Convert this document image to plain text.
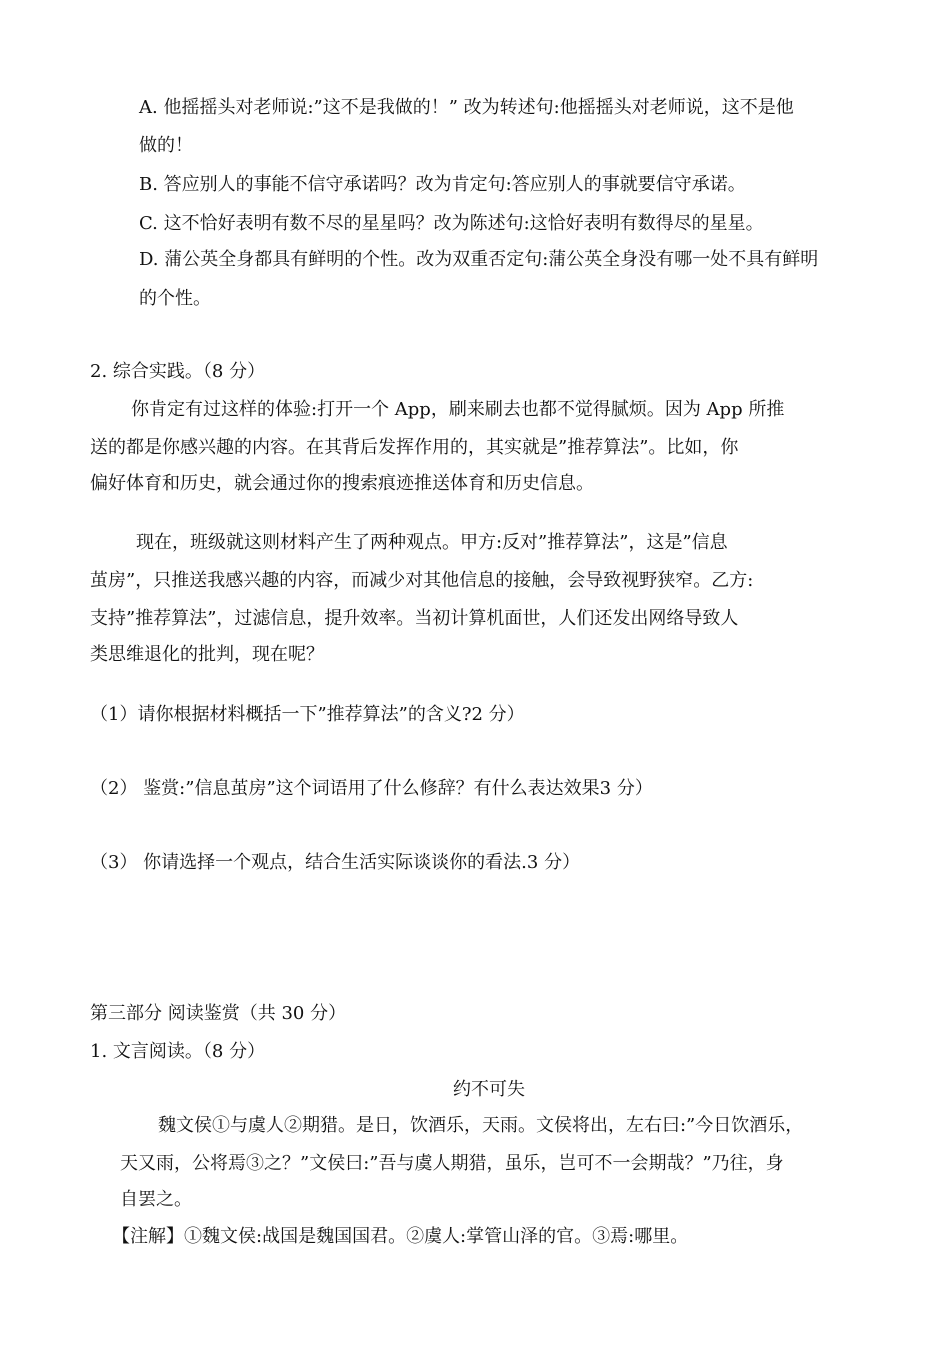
A. 他摇摇头对老师说:”这不是我做的！” 改为转述句:他摇摇头对老师说，这不是他
做的！
B. 答应别人的事能不信守承诺吗？改为肯定句:答应别人的事就要信守承诺。
C. 这不恰好表明有数不尽的星星吗？改为陈述句:这恰好表明有数得尽的星星。
D. 蒲公英全身都具有鲜明的个性。改为双重否定句:蒲公英全身没有哪一处不具有鲜明
的个性。
2. 综合实践。（8 分）
你肯定有过这样的体验:打开一个 App，刷来刷去也都不觉得腻烦。因为 App 所推
送的都是你感兴趣的内容。在其背后发挥作用的，其实就是”推荐算法”。比如，你
偏好体育和历史，就会通过你的搜索痕迹推送体育和历史信息。
现在，班级就这则材料产生了两种观点。甲方:反对”推荐算法”，这是”信息
茧房”，只推送我感兴趣的内容，而减少对其他信息的接触，会导致视野狭窄。乙方:
支持”推荐算法”，过滤信息，提升效率。当初计算机面世，人们还发出网络导致人
类思维退化的批判，现在呢？
（1）请你根据材料概括一下”推荐算法”的含义?2 分）
（2） 鉴赏:”信息茧房”这个词语用了什么修辞？有什么表达效果3 分）
（3） 你请选择一个观点，结合生活实际谈谈你的看法.3 分）
第三部分 阅读鉴赏（共 30 分）
1. 文言阅读。（8 分）
约不可失
魏文侯①与虞人②期猎。是日，饮酒乐，天雨。文侯将出，左右曰:”今日饮酒乐，
天又雨，公将焉③之？”文侯曰:”吾与虞人期猎，虽乐，岂可不一会期哉？”乃往，身
自罢之。
【注解】①魏文侯:战国是魏国国君。②虞人:掌管山泽的官。③焉:哪里。
